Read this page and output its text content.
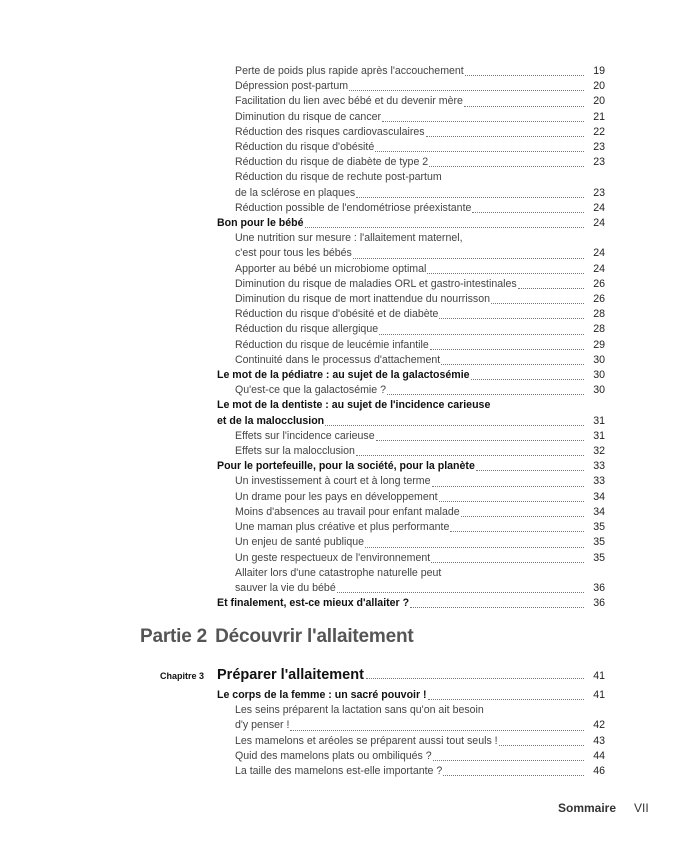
Perte de poids plus rapide après l'accouchement	19
Dépression post-partum	20
Facilitation du lien avec bébé et du devenir mère	20
Diminution du risque de cancer	21
Réduction des risques cardiovasculaires	22
Réduction du risque d'obésité	23
Réduction du risque de diabète de type 2	23
Réduction du risque de rechute post-partum
de la sclérose en plaques	23
Réduction possible de l'endométriose préexistante	24
Bon pour le bébé	24
Une nutrition sur mesure : l'allaitement maternel,
c'est pour tous les bébés	24
Apporter au bébé un microbiome optimal	24
Diminution du risque de maladies ORL et gastro-intestinales	26
Diminution du risque de mort inattendue du nourrisson	26
Réduction du risque d'obésité et de diabète	28
Réduction du risque allergique	28
Réduction du risque de leucémie infantile	29
Continuité dans le processus d'attachement	30
Le mot de la pédiatre : au sujet de la galactosémie	30
Qu'est-ce que la galactosémie ?	30
Le mot de la dentiste : au sujet de l'incidence carieuse
et de la malocclusion	31
Effets sur l'incidence carieuse	31
Effets sur la malocclusion	32
Pour le portefeuille, pour la société, pour la planète	33
Un investissement à court et à long terme	33
Un drame pour les pays en développement	34
Moins d'absences au travail pour enfant malade	34
Une maman plus créative et plus performante	35
Un enjeu de santé publique	35
Un geste respectueux de l'environnement	35
Allaiter lors d'une catastrophe naturelle peut
sauver la vie du bébé	36
Et finalement, est-ce mieux d'allaiter ?	36
Partie 2 Découvrir l'allaitement
Chapitre 3 Préparer l'allaitement	41
Le corps de la femme : un sacré pouvoir !	41
Les seins préparent la lactation sans qu'on ait besoin
d'y penser !	42
Les mamelons et aréoles se préparent aussi tout seuls !	43
Quid des mamelons plats ou ombiliqués ?	44
La taille des mamelons est-elle importante ?	46
Sommaire VII
